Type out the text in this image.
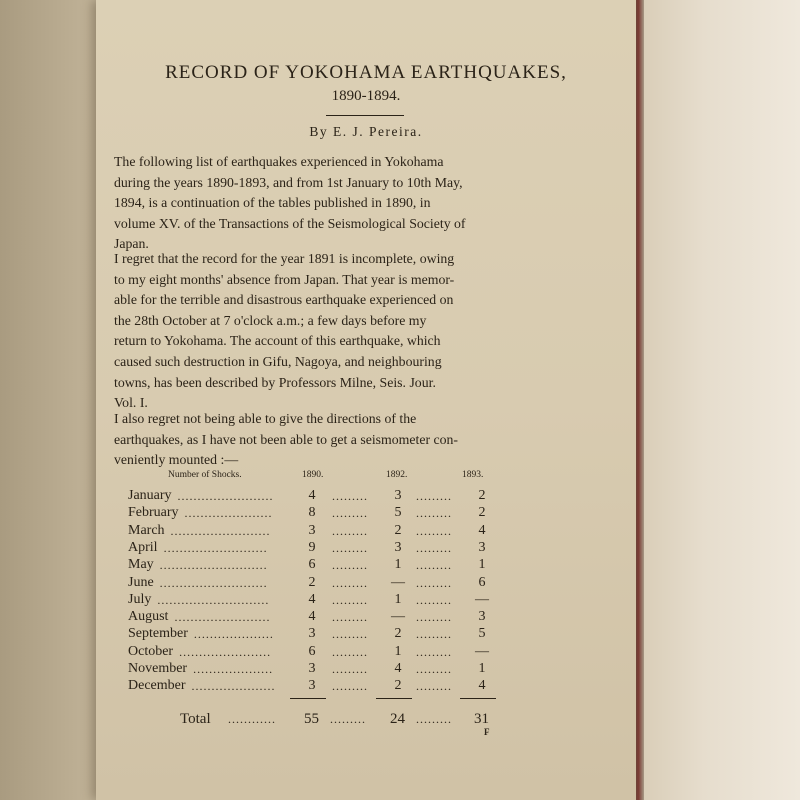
RECORD OF YOKOHAMA EARTHQUAKES,
1890-1894.
By E. J. Pereira.
The following list of earthquakes experienced in Yokohama
during the years 1890-1893, and from 1st January to 10th May,
1894, is a continuation of the tables published in 1890, in
volume XV. of the Transactions of the Seismological Society of
Japan.
I regret that the record for the year 1891 is incomplete, owing
to my eight months' absence from Japan. That year is memor-
able for the terrible and disastrous earthquake experienced on
the 28th October at 7 o'clock a.m.; a few days before my
return to Yokohama. The account of this earthquake, which
caused such destruction in Gifu, Nagoya, and neighbouring
towns, has been described by Professors Milne, Seis. Jour.
Vol. I.
I also regret not being able to give the directions of the
earthquakes, as I have not been able to get a seismometer con-
veniently mounted :—
Number of Shocks.	1890.	1892.	1893.
January ........................	4	.........	3	.........	2
February ......................	8	.........	5	.........	2
March .........................	3	.........	2	.........	4
April ..........................	9	.........	3	.........	3
May ...........................	6	.........	1	.........	1
June ...........................	2	......... — .........	6
July ............................	4	.........	1	......... —
August ........................	4	......... — .........	3
September ....................	3	.........	2	.........	5
October .......................	6	.........	1	......... —
November ....................	3	.........	4	.........	1
December .....................	3	.........	2	.........	4
Total ............ 55 ......... 24 ......... 31
F
